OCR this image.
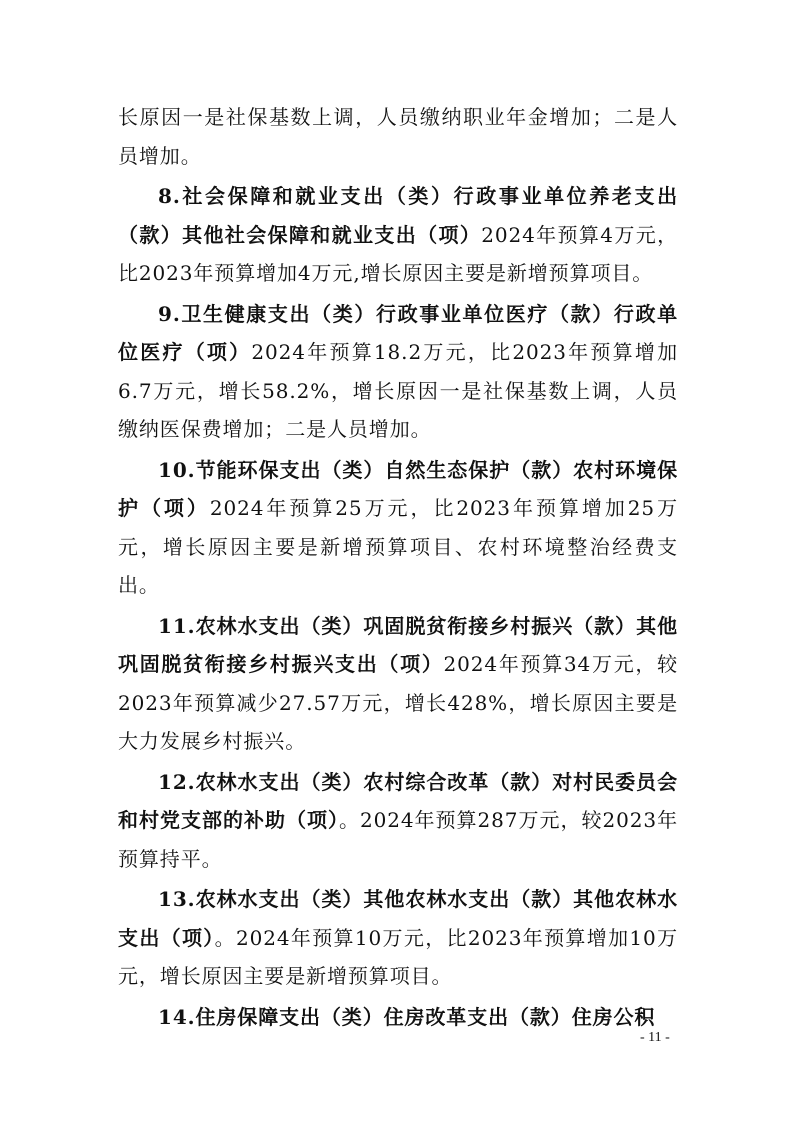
长原因一是社保基数上调，人员缴纳职业年金增加；二是人员增加。

8.社会保障和就业支出（类）行政事业单位养老支出（款）其他社会保障和就业支出（项）2024年预算4万元，比2023年预算增加4万元,增长原因主要是新增预算项目。

9.卫生健康支出（类）行政事业单位医疗（款）行政单位医疗（项）2024年预算18.2万元，比2023年预算增加6.7万元，增长58.2%，增长原因一是社保基数上调，人员缴纳医保费增加；二是人员增加。

10.节能环保支出（类）自然生态保护（款）农村环境保护（项）2024年预算25万元，比2023年预算增加25万元，增长原因主要是新增预算项目、农村环境整治经费支出。

11.农林水支出（类）巩固脱贫衔接乡村振兴（款）其他巩固脱贫衔接乡村振兴支出（项）2024年预算34万元，较2023年预算减少27.57万元，增长428%，增长原因主要是大力发展乡村振兴。

12.农林水支出（类）农村综合改革（款）对村民委员会和村党支部的补助（项）。2024年预算287万元，较2023年预算持平。

13.农林水支出（类）其他农林水支出（款）其他农林水支出（项）。2024年预算10万元，比2023年预算增加10万元，增长原因主要是新增预算项目。

14.住房保障支出（类）住房改革支出（款）住房公积

- 11 -
